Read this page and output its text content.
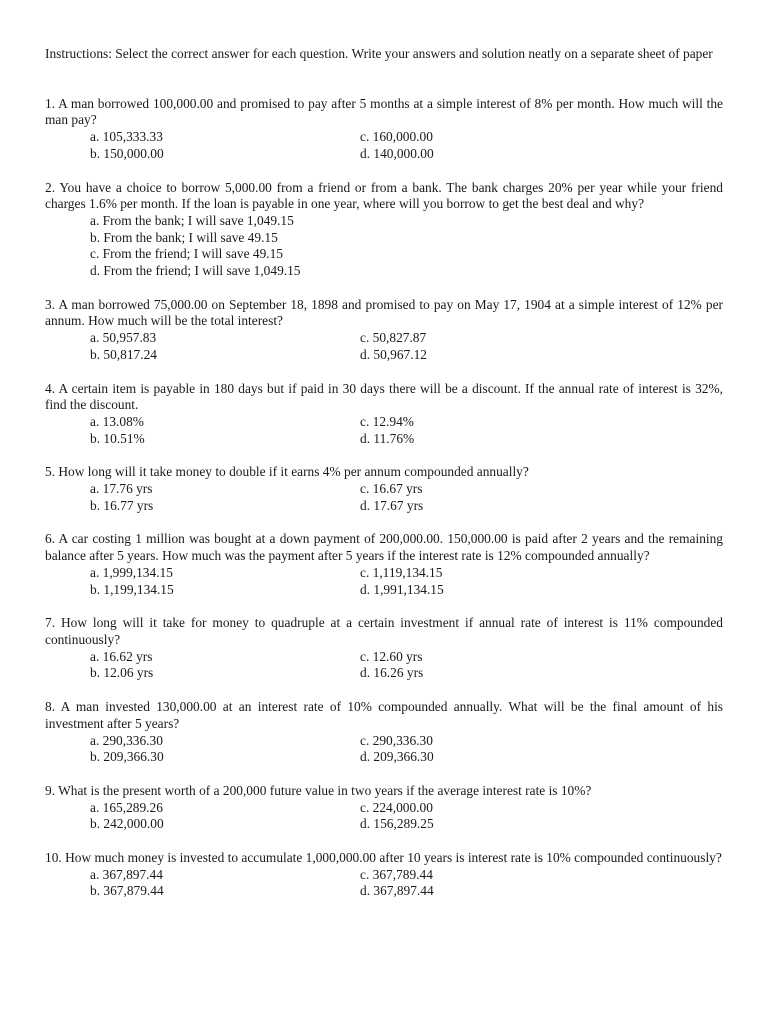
Instructions: Select the correct answer for each question. Write your answers and solution neatly on a separate sheet of paper

1. A man borrowed 100,000.00 and promised to pay after 5 months at a simple interest of 8% per month. How much will the man pay?

a. 105,333.33	c. 160,000.00
b. 150,000.00	d. 140,000.00

2. You have a choice to borrow 5,000.00 from a friend or from a bank. The bank charges 20% per year while your friend charges 1.6% per month. If the loan is payable in one year, where will you borrow to get the best deal and why?

a. From the bank; I will save 1,049.15
b. From the bank; I will save 49.15
c. From the friend; I will save 49.15
d. From the friend; I will save 1,049.15

3. A man borrowed 75,000.00 on September 18, 1898 and promised to pay on May 17, 1904 at a simple interest of 12% per annum. How much will be the total interest?

a. 50,957.83	c. 50,827.87
b. 50,817.24	d. 50,967.12

4. A certain item is payable in 180 days but if paid in 30 days there will be a discount. If the annual rate of interest is 32%, find the discount.

a. 13.08%	c. 12.94%
b. 10.51%	d. 11.76%

5. How long will it take money to double if it earns 4% per annum compounded annually?

a. 17.76 yrs	c. 16.67 yrs
b. 16.77 yrs	d. 17.67 yrs

6. A car costing 1 million was bought at a down payment of 200,000.00. 150,000.00 is paid after 2 years and the remaining balance after 5 years. How much was the payment after 5 years if the interest rate is 12% compounded annually?

a. 1,999,134.15	c. 1,119,134.15
b. 1,199,134.15	d. 1,991,134.15

7. How long will it take for money to quadruple at a certain investment if annual rate of interest is 11% compounded continuously?

a. 16.62 yrs	c. 12.60 yrs
b. 12.06 yrs	d. 16.26 yrs

8. A man invested 130,000.00 at an interest rate of 10% compounded annually. What will be the final amount of his investment after 5 years?

a. 290,336.30	c. 290,336.30
b. 209,366.30	d. 209,366.30

9. What is the present worth of a 200,000 future value in two years if the average interest rate is 10%?

a. 165,289.26	c. 224,000.00
b. 242,000.00	d. 156,289.25

10. How much money is invested to accumulate 1,000,000.00 after 10 years is interest rate is 10% compounded continuously?

a. 367,897.44	c. 367,789.44
b. 367,879.44	d. 367,897.44
